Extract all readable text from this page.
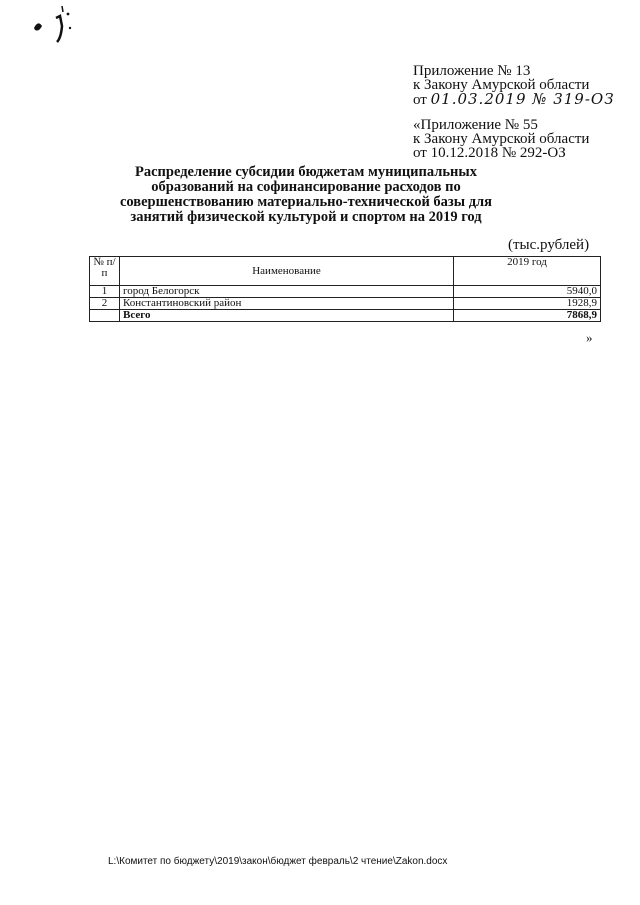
Приложение № 13
к Закону Амурской области
от 01.03.2019 № 319-ОЗ
«Приложение № 55
к Закону Амурской области
от 10.12.2018 № 292-ОЗ
Распределение субсидии бюджетам муниципальных образований на софинансирование расходов по совершенствованию материально-технической базы для занятий физической культурой и спортом на 2019 год
(тыс.рублей)
№ п/п	Наименование	2019 год
1	город Белогорск	5940,0
2	Константиновский район	1928,9
	Всего	7868,9
»
L:\Комитет по бюджету\2019\закон\бюджет февраль\2 чтение\Zakon.docx
